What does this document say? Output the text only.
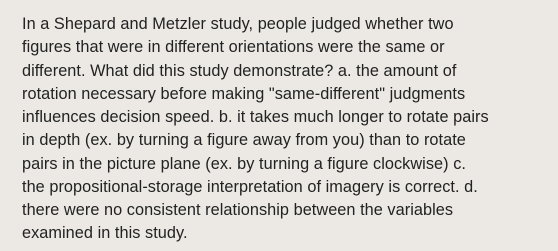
In a Shepard and Metzler study, people judged whether two
figures that were in different orientations were the same or
different. What did this study demonstrate? a. the amount of
rotation necessary before making "same-different" judgments
influences decision speed. b. it takes much longer to rotate pairs
in depth (ex. by turning a figure away from you) than to rotate
pairs in the picture plane (ex. by turning a figure clockwise) c.
the propositional-storage interpretation of imagery is correct. d.
there were no consistent relationship between the variables
examined in this study.
